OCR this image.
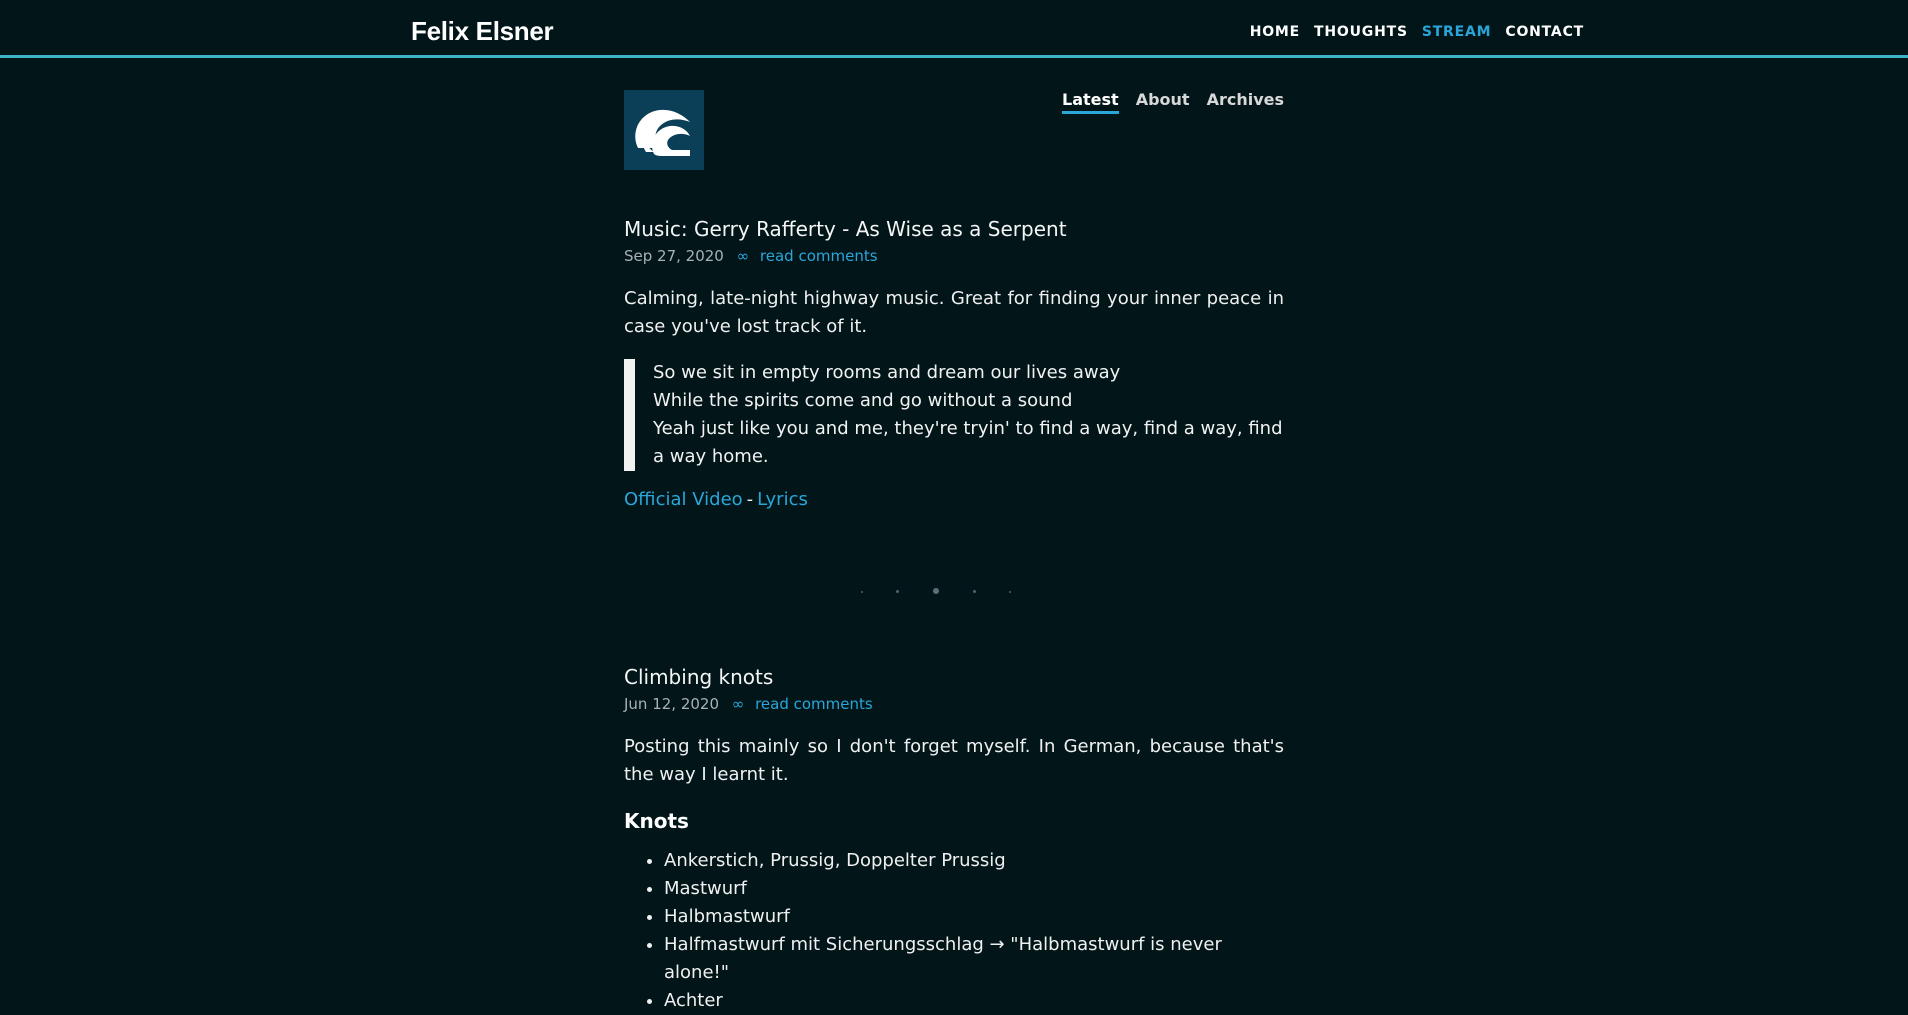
Felix Elsner	HOME THOUGHTS STREAM CONTACT
Latest About Archives
Music: Gerry Rafferty - As Wise as a Serpent
Sep 27, 2020 ∞ read comments

Calming, late-night highway music. Great for finding your inner peace in case you've lost track of it.

So we sit in empty rooms and dream our lives away
While the spirits come and go without a sound
Yeah just like you and me, they're tryin' to find a way, find a way, find a way home.
Official Video - Lyrics
Climbing knots
Jun 12, 2020 ∞ read comments

Posting this mainly so I don't forget myself. In German, because that's the way I learnt it.

Knots
• Ankerstich, Prussig, Doppelter Prussig
• Mastwurf
• Halbmastwurf
• Halfmastwurf mit Sicherungsschlag → "Halbmastwurf is never alone!"
• Achter
